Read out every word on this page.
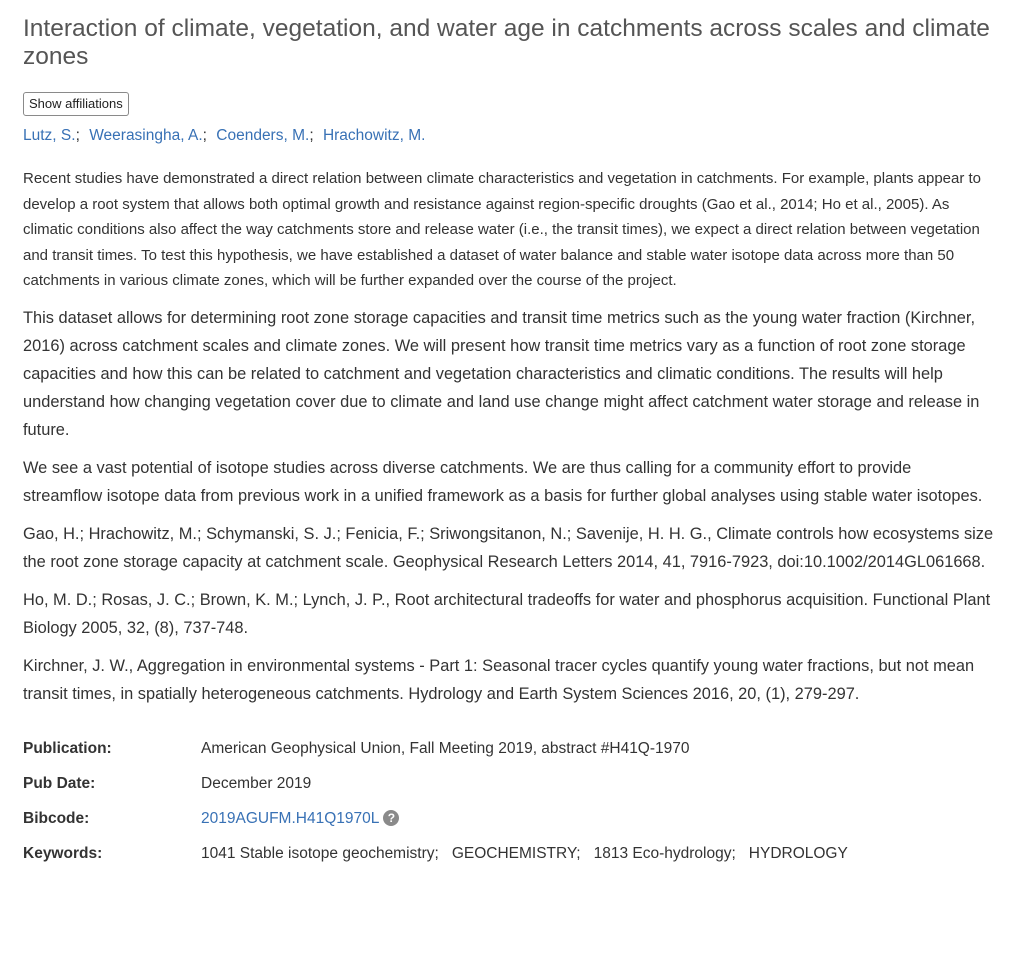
Interaction of climate, vegetation, and water age in catchments across scales and climate zones
Show affiliations
Lutz, S.; Weerasingha, A.; Coenders, M.; Hrachowitz, M.

Recent studies have demonstrated a direct relation between climate characteristics and vegetation in catchments. For example, plants appear to develop a root system that allows both optimal growth and resistance against region-specific droughts (Gao et al., 2014; Ho et al., 2005). As climatic conditions also affect the way catchments store and release water (i.e., the transit times), we expect a direct relation between vegetation and transit times. To test this hypothesis, we have established a dataset of water balance and stable water isotope data across more than 50 catchments in various climate zones, which will be further expanded over the course of the project.

This dataset allows for determining root zone storage capacities and transit time metrics such as the young water fraction (Kirchner, 2016) across catchment scales and climate zones. We will present how transit time metrics vary as a function of root zone storage capacities and how this can be related to catchment and vegetation characteristics and climatic conditions. The results will help understand how changing vegetation cover due to climate and land use change might affect catchment water storage and release in future.

We see a vast potential of isotope studies across diverse catchments. We are thus calling for a community effort to provide streamflow isotope data from previous work in a unified framework as a basis for further global analyses using stable water isotopes.

Gao, H.; Hrachowitz, M.; Schymanski, S. J.; Fenicia, F.; Sriwongsitanon, N.; Savenije, H. H. G., Climate controls how ecosystems size the root zone storage capacity at catchment scale. Geophysical Research Letters 2014, 41, 7916-7923, doi:10.1002/2014GL061668.

Ho, M. D.; Rosas, J. C.; Brown, K. M.; Lynch, J. P., Root architectural tradeoffs for water and phosphorus acquisition. Functional Plant Biology 2005, 32, (8), 737-748.

Kirchner, J. W., Aggregation in environmental systems - Part 1: Seasonal tracer cycles quantify young water fractions, but not mean transit times, in spatially heterogeneous catchments. Hydrology and Earth System Sciences 2016, 20, (1), 279-297.

Publication:	American Geophysical Union, Fall Meeting 2019, abstract #H41Q-1970
Pub Date:	December 2019
Bibcode:	2019AGUFM.H41Q1970L ?
Keywords:	1041 Stable isotope geochemistry; GEOCHEMISTRY; 1813 Eco-hydrology; HYDROLOGY
